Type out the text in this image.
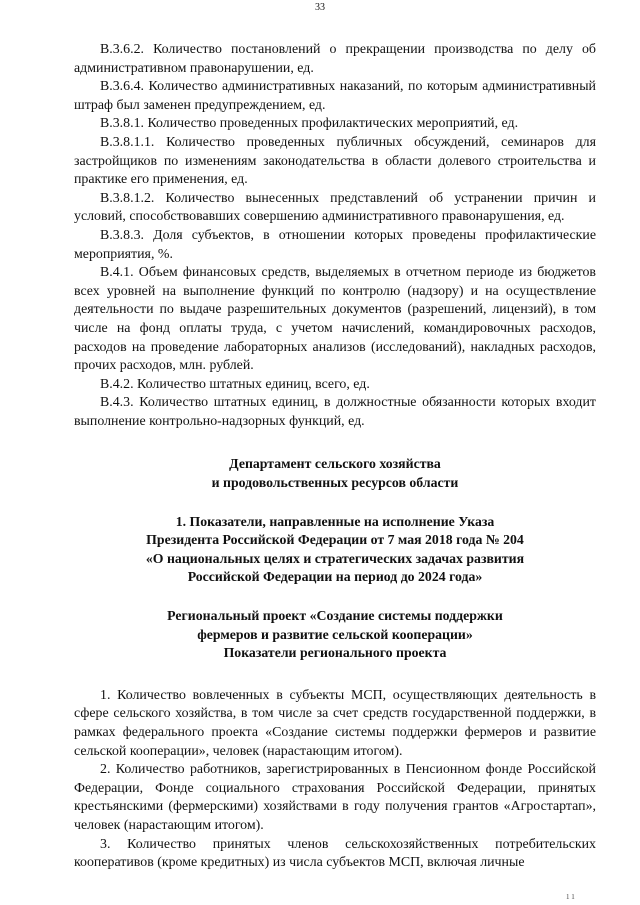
33

В.3.6.2. Количество постановлений о прекращении производства по делу об административном правонарушении, ед.

В.3.6.4. Количество административных наказаний, по которым административный штраф был заменен предупреждением, ед.

В.3.8.1. Количество проведенных профилактических мероприятий, ед.

В.3.8.1.1. Количество проведенных публичных обсуждений, семинаров для застройщиков по изменениям законодательства в области долевого строительства и практике его применения, ед.

В.3.8.1.2. Количество вынесенных представлений об устранении причин и условий, способствовавших совершению административного правонарушения, ед.

В.3.8.3. Доля субъектов, в отношении которых проведены профилактические мероприятия, %.

В.4.1. Объем финансовых средств, выделяемых в отчетном периоде из бюджетов всех уровней на выполнение функций по контролю (надзору) и на осуществление деятельности по выдаче разрешительных документов (разрешений, лицензий), в том числе на фонд оплаты труда, с учетом начислений, командировочных расходов, расходов на проведение лабораторных анализов (исследований), накладных расходов, прочих расходов, млн. рублей.

В.4.2. Количество штатных единиц, всего, ед.

В.4.3. Количество штатных единиц, в должностные обязанности которых входит выполнение контрольно-надзорных функций, ед.

Департамент сельского хозяйства

и продовольственных ресурсов области

1. Показатели, направленные на исполнение Указа

Президента Российской Федерации от 7 мая 2018 года № 204

«О национальных целях и стратегических задачах развития

Российской Федерации на период до 2024 года»

Региональный проект «Создание системы поддержки

фермеров и развитие сельской кооперации»

Показатели регионального проекта

1. Количество вовлеченных в субъекты МСП, осуществляющих деятельность в сфере сельского хозяйства, в том числе за счет средств государственной поддержки, в рамках федерального проекта «Создание системы поддержки фермеров и развитие сельской кооперации», человек (нарастающим итогом).

2. Количество работников, зарегистрированных в Пенсионном фонде Российской Федерации, Фонде социального страхования Российской Федерации, принятых крестьянскими (фермерскими) хозяйствами в году получения грантов «Агростартап», человек (нарастающим итогом).

3. Количество принятых членов сельскохозяйственных потребительских кооперативов (кроме кредитных) из числа субъектов МСП, включая личные

1 1
